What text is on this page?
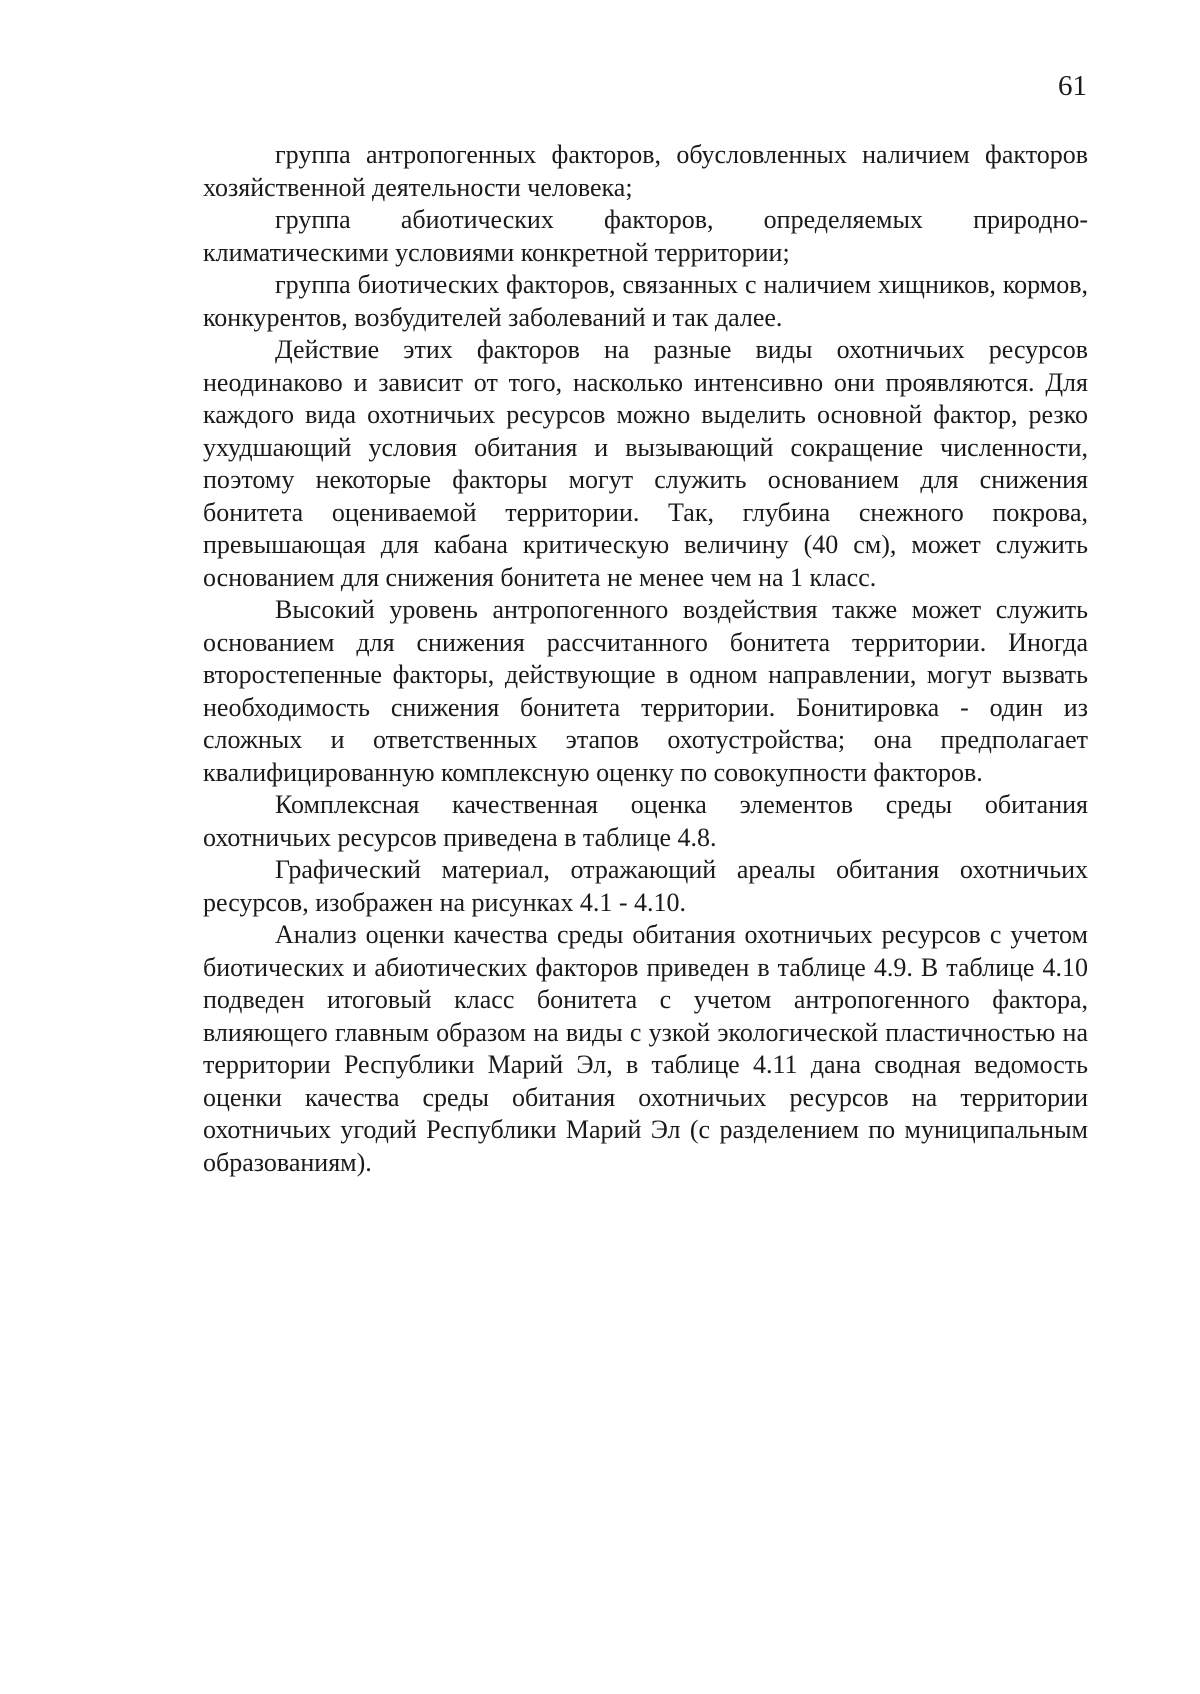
61

группа антропогенных факторов, обусловленных наличием факторов хозяйственной деятельности человека;

группа абиотических факторов, определяемых природно-климатическими условиями конкретной территории;

группа биотических факторов, связанных с наличием хищников, кормов, конкурентов, возбудителей заболеваний и так далее.

Действие этих факторов на разные виды охотничьих ресурсов неодинаково и зависит от того, насколько интенсивно они проявляются. Для каждого вида охотничьих ресурсов можно выделить основной фактор, резко ухудшающий условия обитания и вызывающий сокращение численности, поэтому некоторые факторы могут служить основанием для снижения бонитета оцениваемой территории. Так, глубина снежного покрова, превышающая для кабана критическую величину (40 см), может служить основанием для снижения бонитета не менее чем на 1 класс.

Высокий уровень антропогенного воздействия также может служить основанием для снижения рассчитанного бонитета территории. Иногда второстепенные факторы, действующие в одном направлении, могут вызвать необходимость снижения бонитета территории. Бонитировка - один из сложных и ответственных этапов охотустройства; она предполагает квалифицированную комплексную оценку по совокупности факторов.

Комплексная качественная оценка элементов среды обитания охотничьих ресурсов приведена в таблице 4.8.

Графический материал, отражающий ареалы обитания охотничьих ресурсов, изображен на рисунках 4.1 - 4.10.

Анализ оценки качества среды обитания охотничьих ресурсов с учетом биотических и абиотических факторов приведен в таблице 4.9. В таблице 4.10 подведен итоговый класс бонитета с учетом антропогенного фактора, влияющего главным образом на виды с узкой экологической пластичностью на территории Республики Марий Эл, в таблице 4.11 дана сводная ведомость оценки качества среды обитания охотничьих ресурсов на территории охотничьих угодий Республики Марий Эл (с разделением по муниципальным образованиям).
